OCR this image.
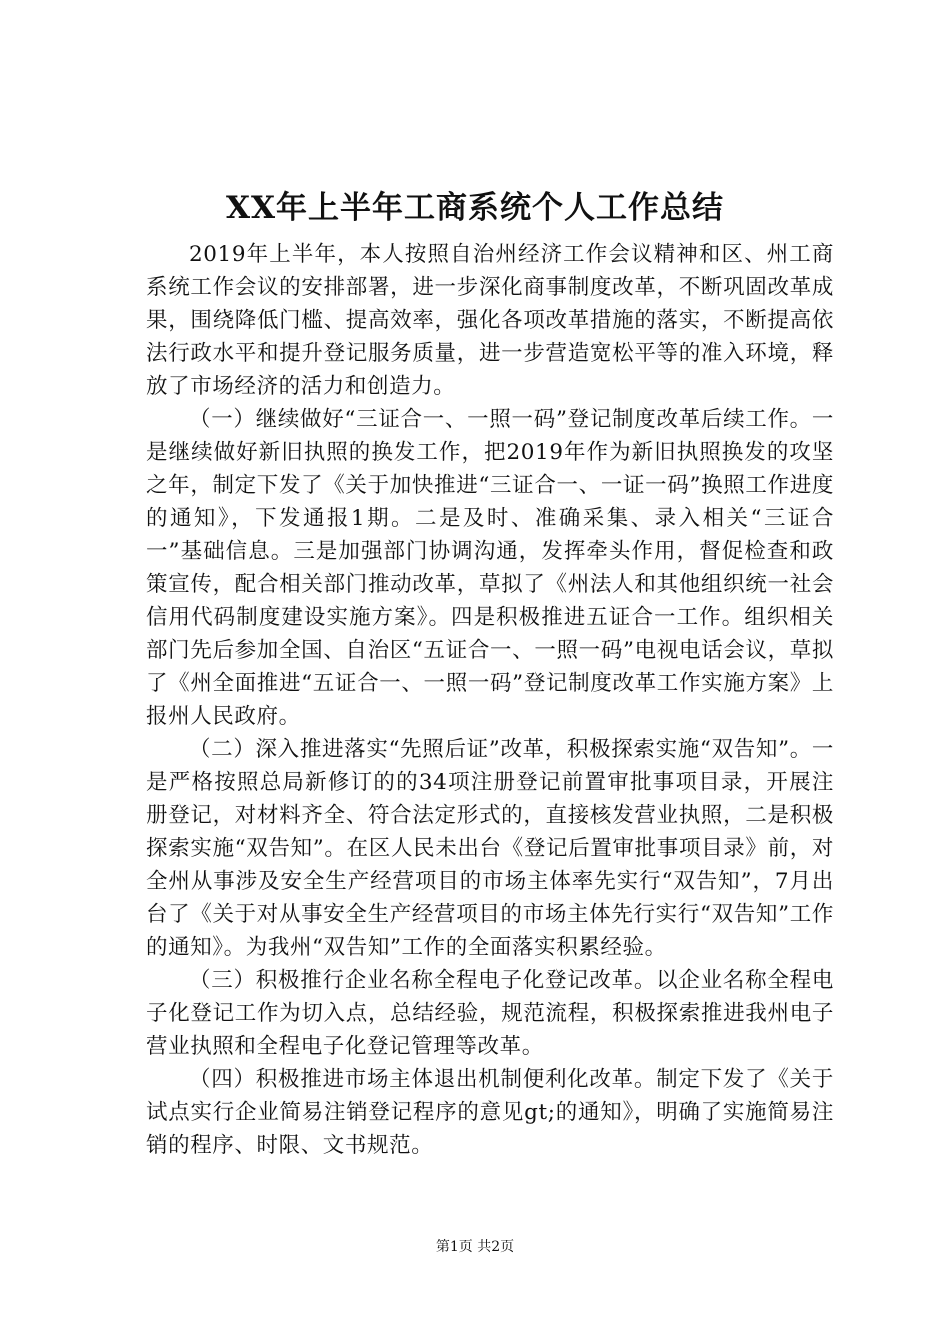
XX年上半年工商系统个人工作总结

2019年上半年，本人按照自治州经济工作会议精神和区、州工商系统工作会议的安排部署，进一步深化商事制度改革，不断巩固改革成果，围绕降低门槛、提高效率，强化各项改革措施的落实，不断提高依法行政水平和提升登记服务质量，进一步营造宽松平等的准入环境，释放了市场经济的活力和创造力。

（一）继续做好“三证合一、一照一码”登记制度改革后续工作。一是继续做好新旧执照的换发工作，把2019年作为新旧执照换发的攻坚之年，制定下发了《关于加快推进“三证合一、一证一码”换照工作进度的通知》，下发通报1期。二是及时、准确采集、录入相关“三证合一”基础信息。三是加强部门协调沟通，发挥牵头作用，督促检查和政策宣传，配合相关部门推动改革，草拟了《州法人和其他组织统一社会信用代码制度建设实施方案》。四是积极推进五证合一工作。组织相关部门先后参加全国、自治区“五证合一、一照一码”电视电话会议，草拟了《州全面推进“五证合一、一照一码”登记制度改革工作实施方案》上报州人民政府。

（二）深入推进落实“先照后证”改革，积极探索实施“双告知”。一是严格按照总局新修订的的34项注册登记前置审批事项目录，开展注册登记，对材料齐全、符合法定形式的，直接核发营业执照，二是积极探索实施“双告知”。在区人民未出台《登记后置审批事项目录》前，对全州从事涉及安全生产经营项目的市场主体率先实行“双告知”，7月出台了《关于对从事安全生产经营项目的市场主体先行实行“双告知”工作的通知》。为我州“双告知”工作的全面落实积累经验。

（三）积极推行企业名称全程电子化登记改革。以企业名称全程电子化登记工作为切入点，总结经验，规范流程，积极探索推进我州电子营业执照和全程电子化登记管理等改革。

（四）积极推进市场主体退出机制便利化改革。制定下发了《关于试点实行企业简易注销登记程序的意见gt;的通知》，明确了实施简易注销的程序、时限、文书规范。

第1页 共2页
